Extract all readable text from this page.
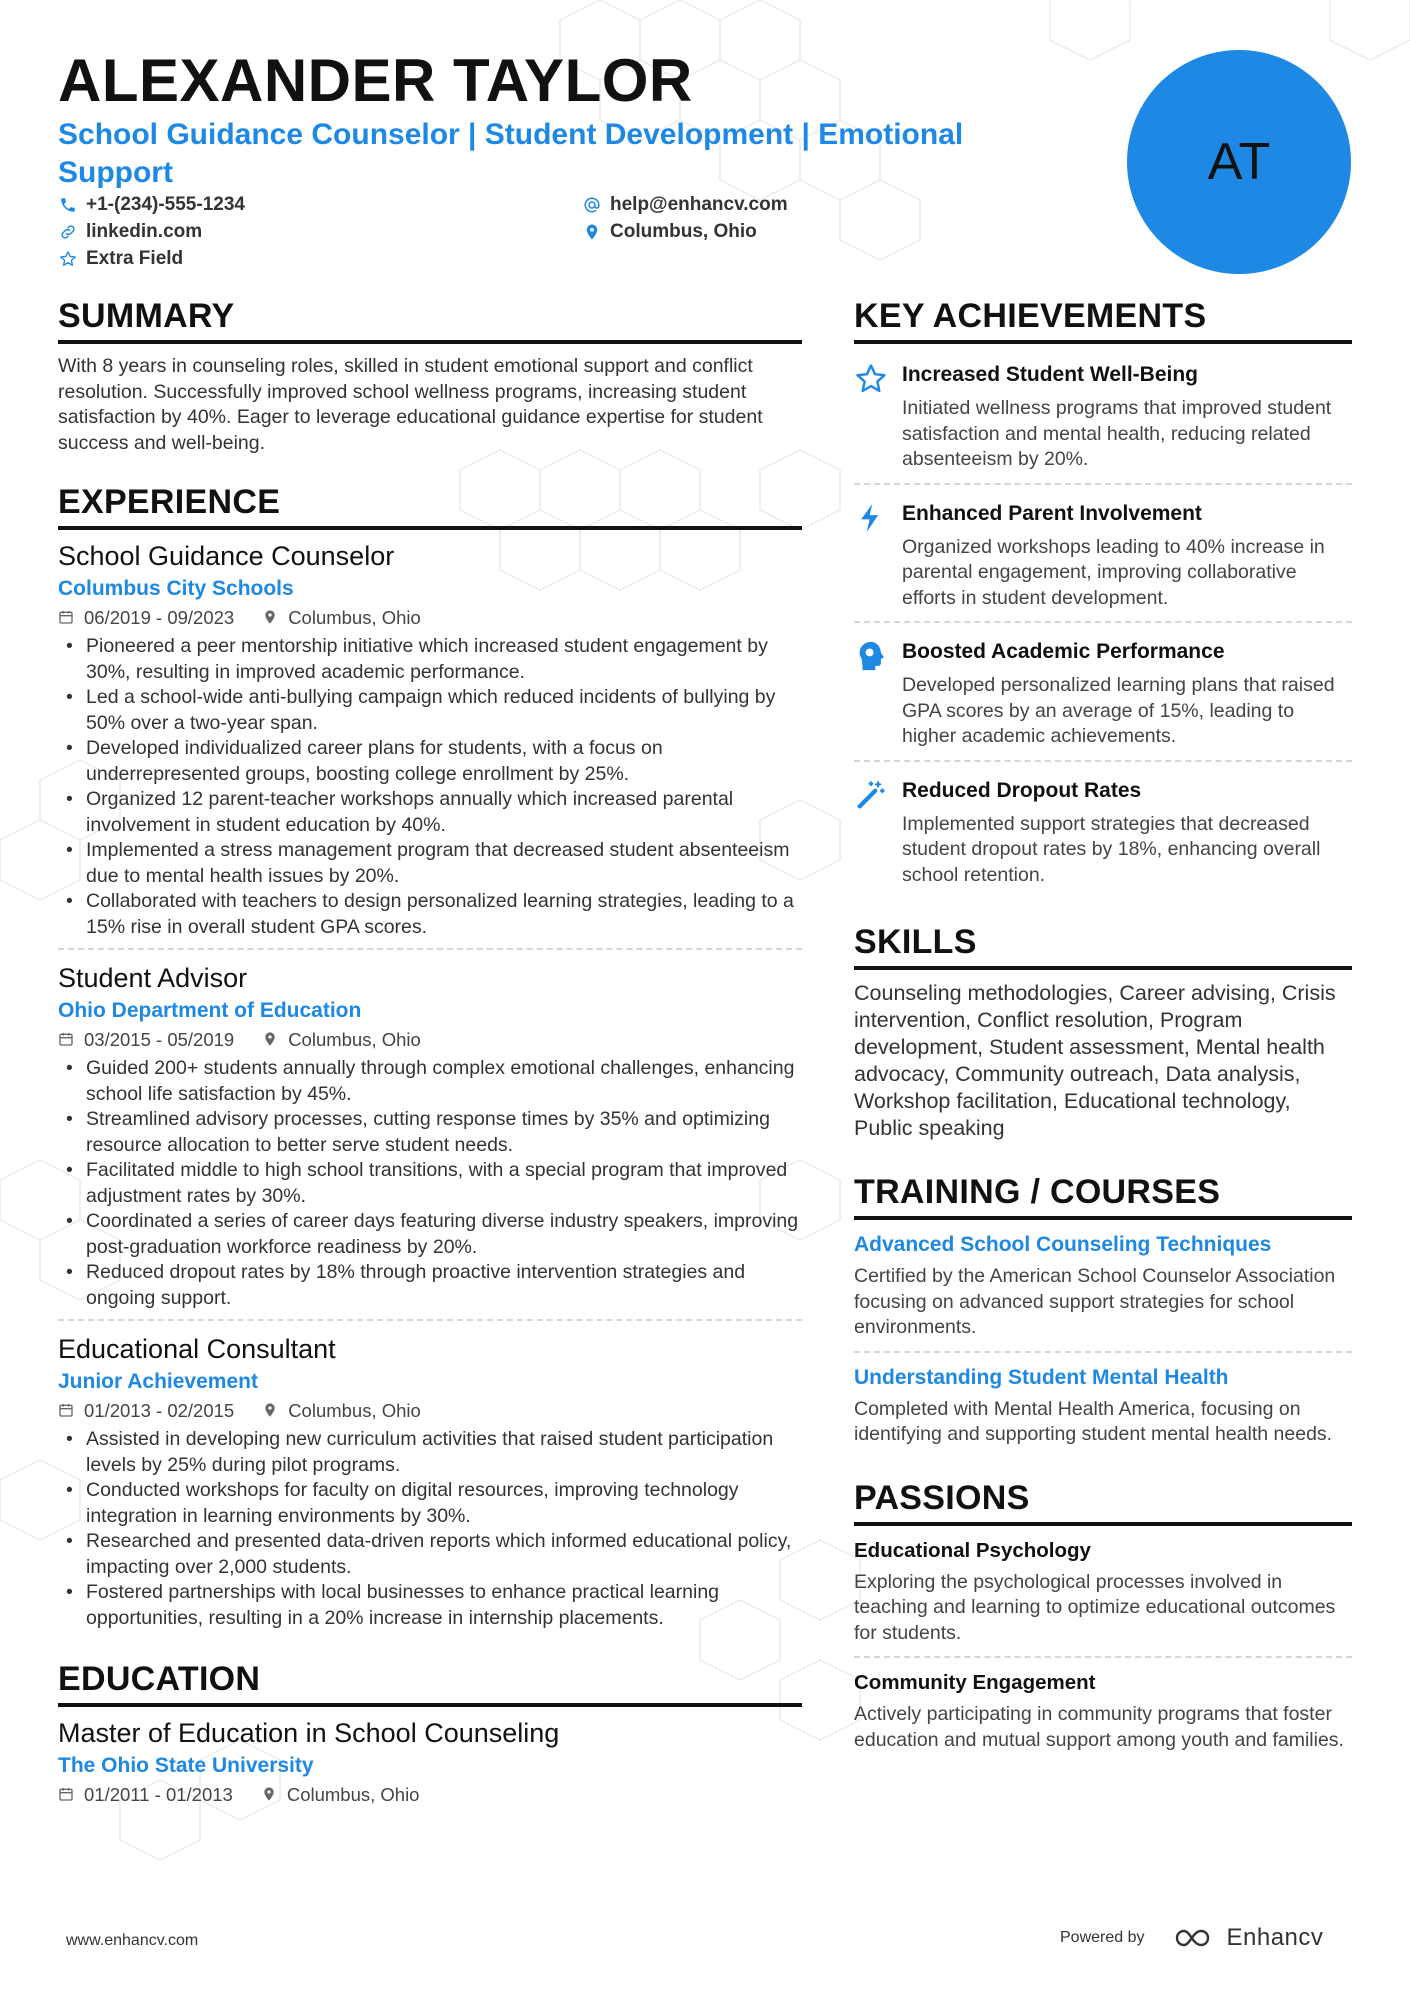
ALEXANDER TAYLOR
School Guidance Counselor | Student Development | Emotional Support	AT
+1-(234)-555-1234	help@enhancv.com
linkedin.com	Columbus, Ohio
Extra Field
SUMMARY
With 8 years in counseling roles, skilled in student emotional support and conflict resolution. Successfully improved school wellness programs, increasing student satisfaction by 40%. Eager to leverage educational guidance expertise for student success and well-being.
EXPERIENCE
School Guidance Counselor
Columbus City Schools
06/2019 - 09/2023	Columbus, Ohio
• Pioneered a peer mentorship initiative which increased student engagement by 30%, resulting in improved academic performance.
• Led a school-wide anti-bullying campaign which reduced incidents of bullying by 50% over a two-year span.
• Developed individualized career plans for students, with a focus on underrepresented groups, boosting college enrollment by 25%.
• Organized 12 parent-teacher workshops annually which increased parental involvement in student education by 40%.
• Implemented a stress management program that decreased student absenteeism due to mental health issues by 20%.
• Collaborated with teachers to design personalized learning strategies, leading to a 15% rise in overall student GPA scores.
Student Advisor
Ohio Department of Education
03/2015 - 05/2019	Columbus, Ohio
• Guided 200+ students annually through complex emotional challenges, enhancing school life satisfaction by 45%.
• Streamlined advisory processes, cutting response times by 35% and optimizing resource allocation to better serve student needs.
• Facilitated middle to high school transitions, with a special program that improved adjustment rates by 30%.
• Coordinated a series of career days featuring diverse industry speakers, improving post-graduation workforce readiness by 20%.
• Reduced dropout rates by 18% through proactive intervention strategies and ongoing support.
Educational Consultant
Junior Achievement
01/2013 - 02/2015	Columbus, Ohio
• Assisted in developing new curriculum activities that raised student participation levels by 25% during pilot programs.
• Conducted workshops for faculty on digital resources, improving technology integration in learning environments by 30%.
• Researched and presented data-driven reports which informed educational policy, impacting over 2,000 students.
• Fostered partnerships with local businesses to enhance practical learning opportunities, resulting in a 20% increase in internship placements.
EDUCATION
Master of Education in School Counseling
The Ohio State University
01/2011 - 01/2013	Columbus, Ohio
KEY ACHIEVEMENTS
Increased Student Well-Being
Initiated wellness programs that improved student satisfaction and mental health, reducing related absenteeism by 20%.
Enhanced Parent Involvement
Organized workshops leading to 40% increase in parental engagement, improving collaborative efforts in student development.
Boosted Academic Performance
Developed personalized learning plans that raised GPA scores by an average of 15%, leading to higher academic achievements.
Reduced Dropout Rates
Implemented support strategies that decreased student dropout rates by 18%, enhancing overall school retention.
SKILLS
Counseling methodologies, Career advising, Crisis intervention, Conflict resolution, Program development, Student assessment, Mental health advocacy, Community outreach, Data analysis, Workshop facilitation, Educational technology, Public speaking
TRAINING / COURSES
Advanced School Counseling Techniques
Certified by the American School Counselor Association focusing on advanced support strategies for school environments.
Understanding Student Mental Health
Completed with Mental Health America, focusing on identifying and supporting student mental health needs.
PASSIONS
Educational Psychology
Exploring the psychological processes involved in teaching and learning to optimize educational outcomes for students.
Community Engagement
Actively participating in community programs that foster education and mutual support among youth and families.
www.enhancv.com	Powered by	Enhancv
